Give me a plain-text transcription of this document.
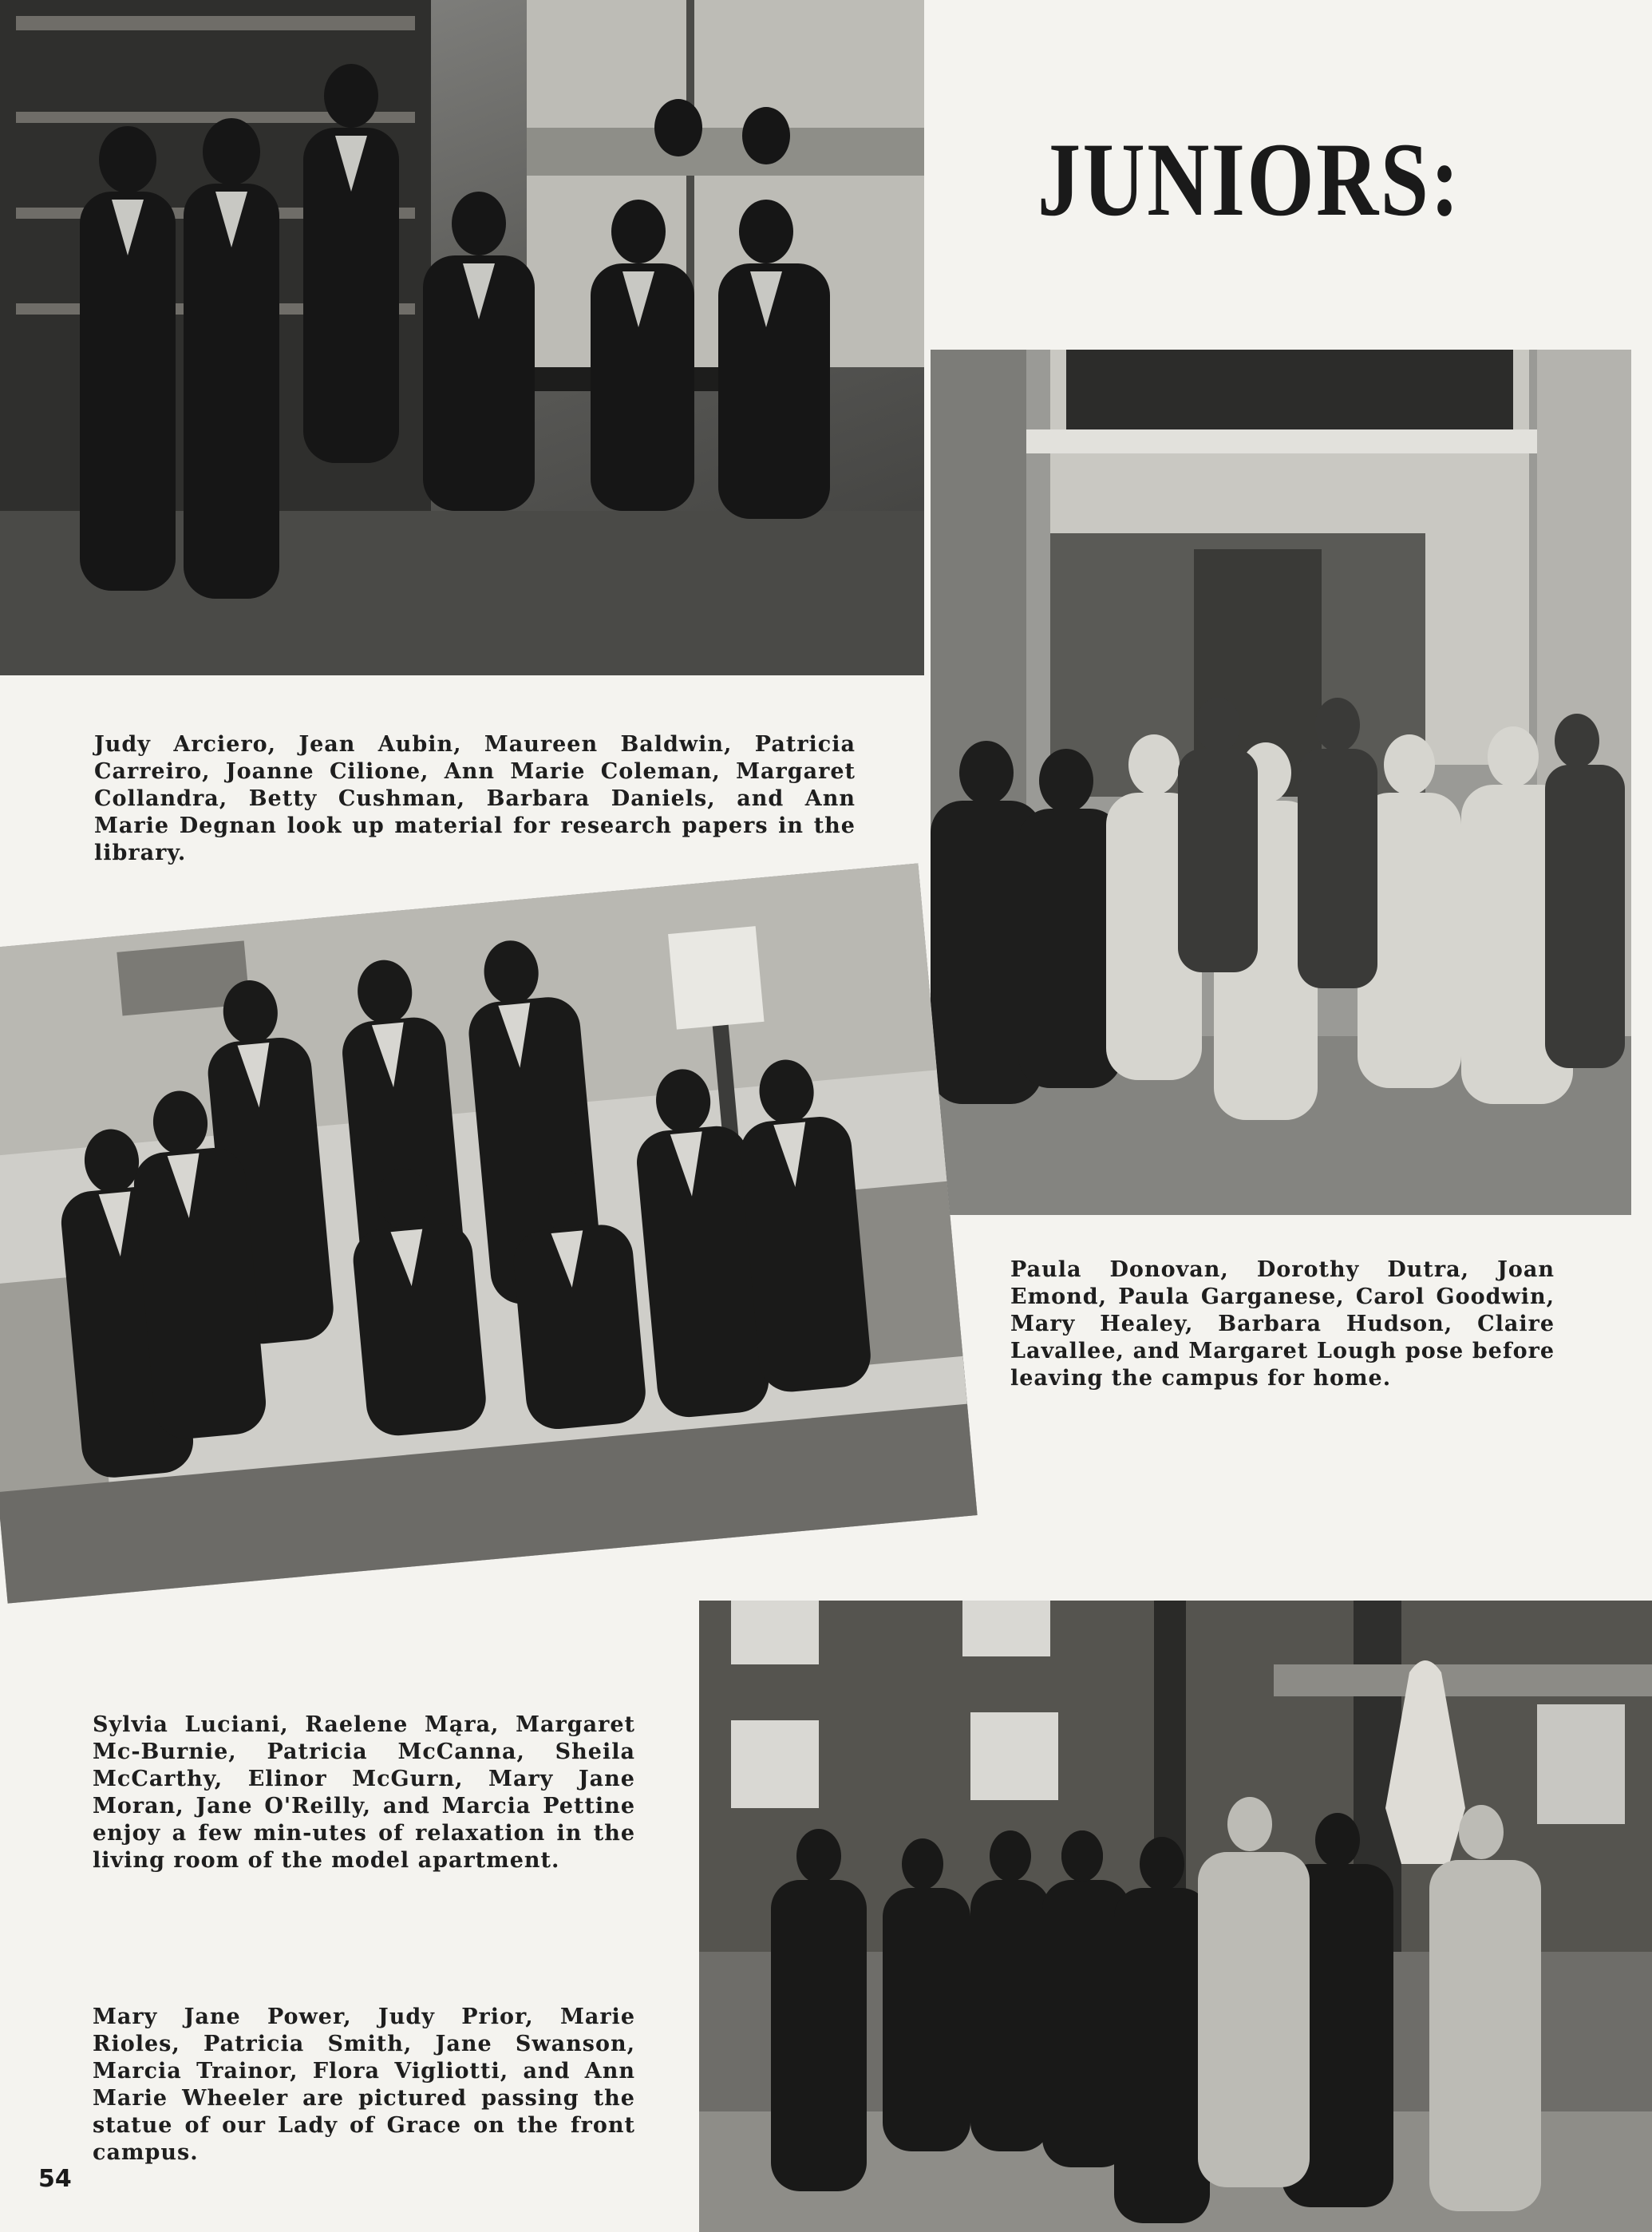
JUNIORS:

Judy Arciero, Jean Aubin, Maureen Baldwin, Patricia Carreiro, Joanne Cilione, Ann Marie Coleman, Margaret Collandra, Betty Cushman, Barbara Daniels, and Ann Marie Degnan look up material for research papers in the library.

Paula Donovan, Dorothy Dutra, Joan Emond, Paula Garganese, Carol Goodwin, Mary Healey, Barbara Hudson, Claire Lavallee, and Margaret Lough pose before leaving the campus for home.

Sylvia Luciani, Raelene Mąra, Margaret Mc-Burnie, Patricia McCanna, Sheila McCarthy, Elinor McGurn, Mary Jane Moran, Jane O'Reilly, and Marcia Pettine enjoy a few min-utes of relaxation in the living room of the model apartment.

Mary Jane Power, Judy Prior, Marie Rioles, Patricia Smith, Jane Swanson, Marcia Trainor, Flora Vigliotti, and Ann Marie Wheeler are pictured passing the statue of our Lady of Grace on the front campus.

54
